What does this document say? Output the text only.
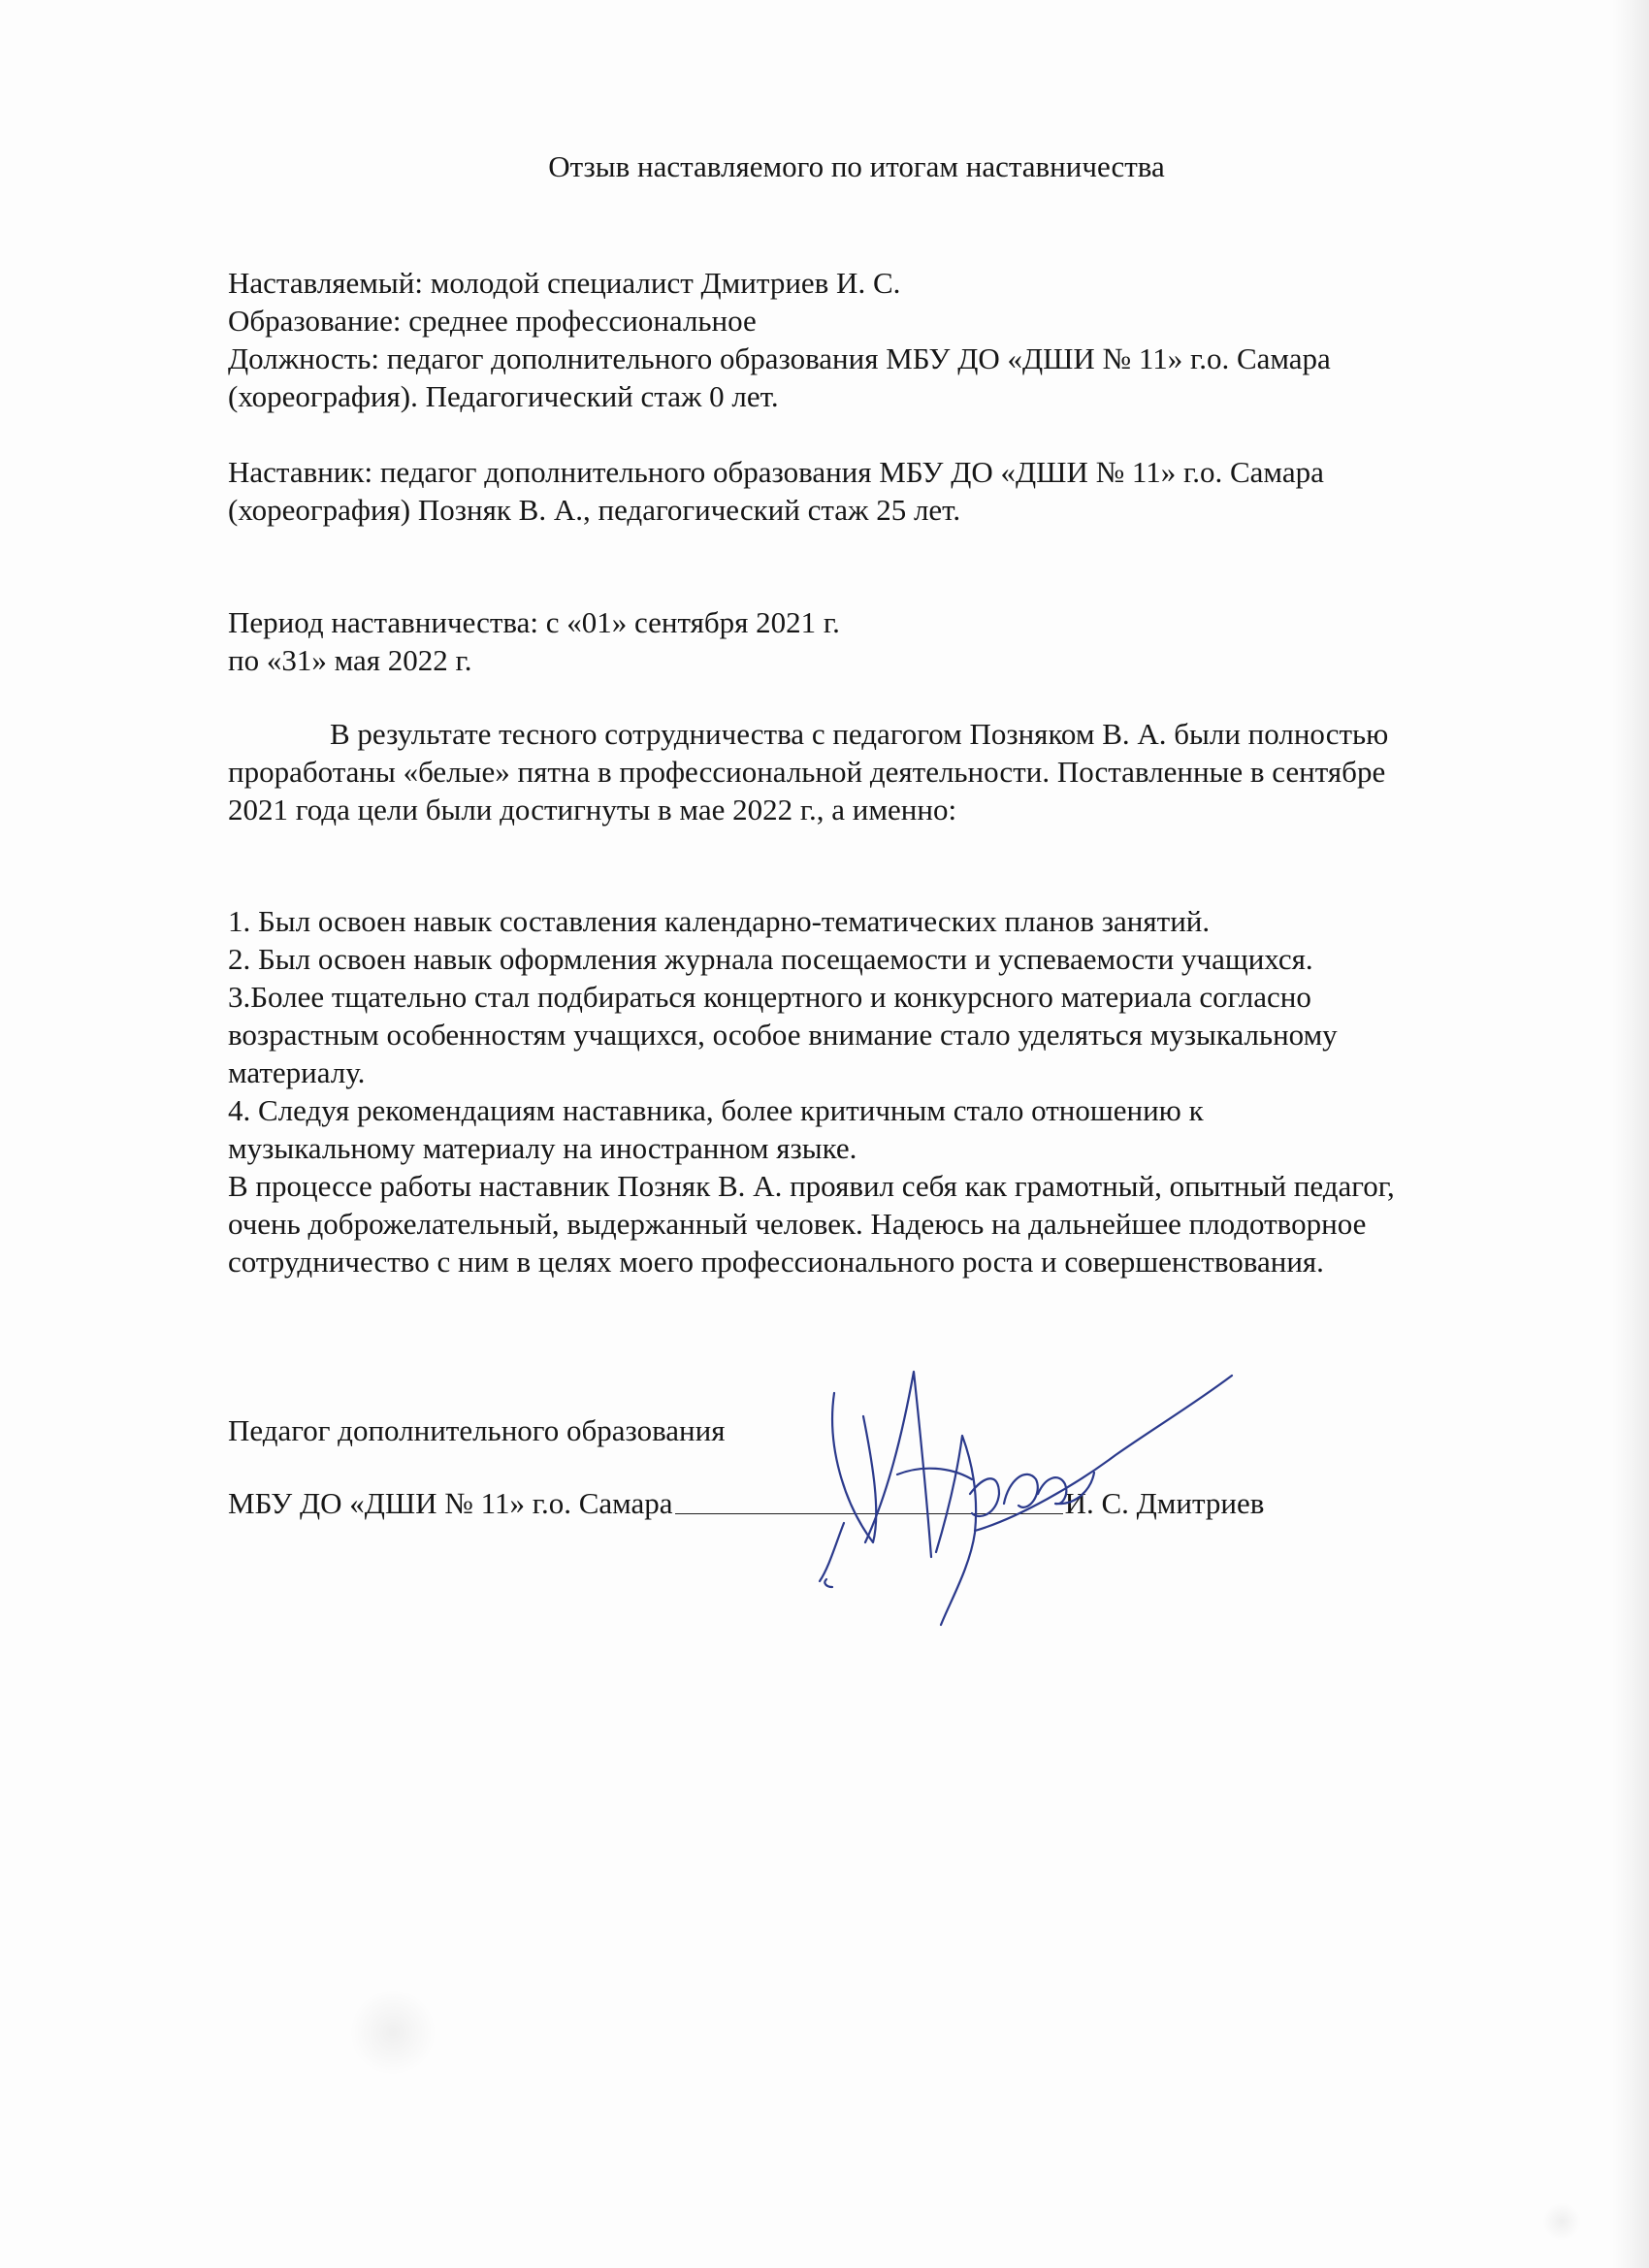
Отзыв наставляемого по итогам наставничества

Наставляемый: молодой специалист Дмитриев И. С.

Образование: среднее профессиональное

Должность: педагог дополнительного образования МБУ ДО «ДШИ № 11» г.о. Самара

(хореография). Педагогический стаж 0 лет.

Наставник: педагог дополнительного образования МБУ ДО «ДШИ № 11» г.о. Самара

(хореография) Позняк В. А., педагогический стаж 25 лет.

Период наставничества: с «01» сентября 2021 г.

по «31» мая 2022 г.

В результате тесного сотрудничества с педагогом Позняком В. А. были полностью

проработаны «белые» пятна в профессиональной деятельности. Поставленные в сентябре

2021 года цели были достигнуты в мае 2022 г., а именно:

1. Был освоен навык составления календарно-тематических планов занятий.

2. Был освоен навык оформления журнала посещаемости и успеваемости учащихся.

3.Более тщательно стал подбираться концертного и конкурсного материала согласно

возрастным особенностям учащихся, особое внимание стало уделяться музыкальному

материалу.

4. Следуя рекомендациям наставника, более критичным стало отношению к

музыкальному материалу на иностранном языке.

В процессе работы наставник Позняк В. А. проявил себя как грамотный, опытный педагог,

очень доброжелательный, выдержанный человек. Надеюсь на дальнейшее плодотворное

сотрудничество с ним в целях моего профессионального роста и совершенствования.

Педагог дополнительного образования

МБУ ДО «ДШИ № 11» г.о. Самара	И. С. Дмитриев
